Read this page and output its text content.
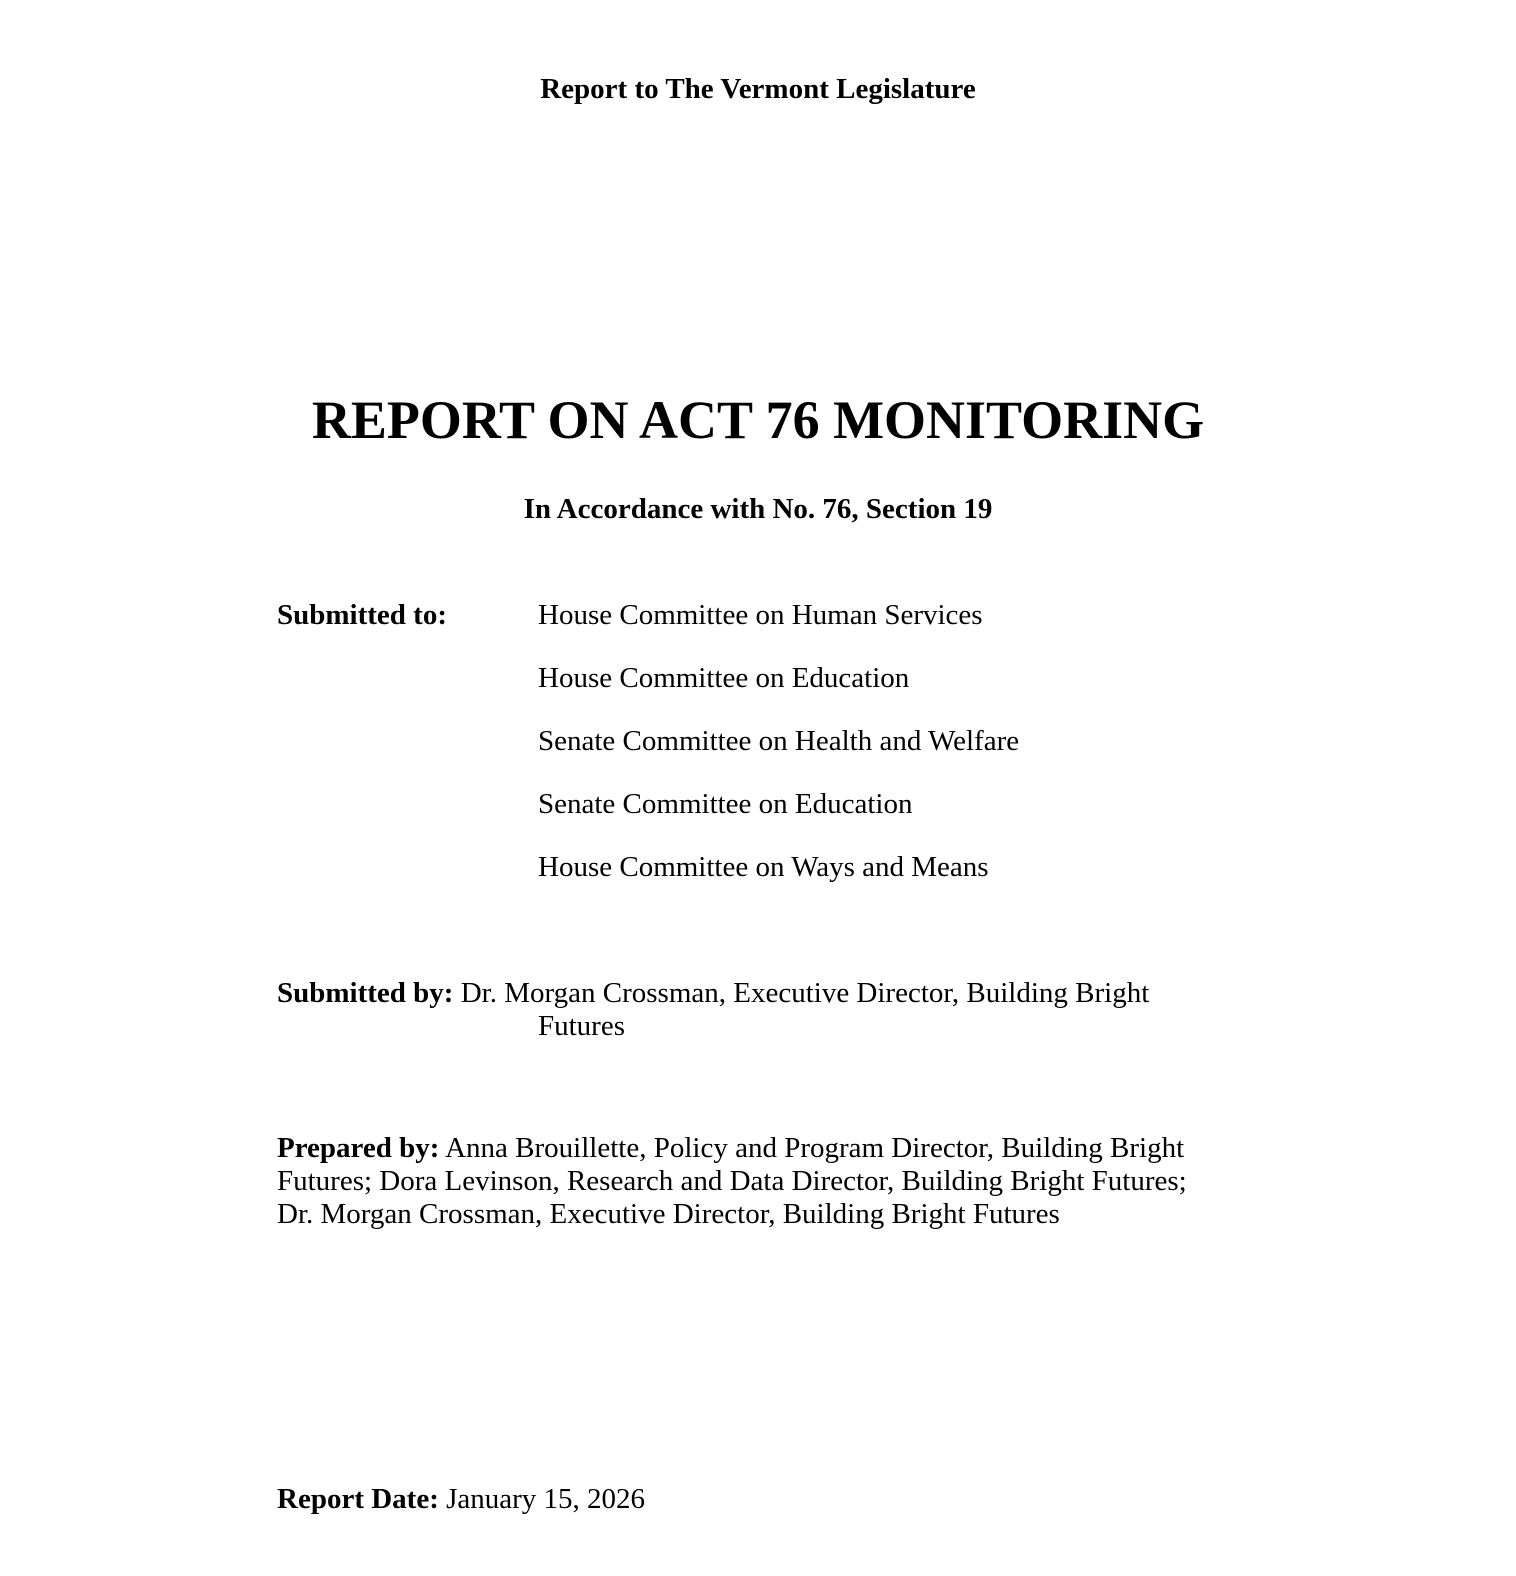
Report to The Vermont Legislature
REPORT ON ACT 76 MONITORING
In Accordance with No. 76, Section 19
Submitted to:	House Committee on Human Services
House Committee on Education
Senate Committee on Health and Welfare
Senate Committee on Education
House Committee on Ways and Means
Submitted by: Dr. Morgan Crossman, Executive Director, Building Bright Futures
Prepared by: Anna Brouillette, Policy and Program Director, Building Bright Futures; Dora Levinson, Research and Data Director, Building Bright Futures; Dr. Morgan Crossman, Executive Director, Building Bright Futures
Report Date: January 15, 2026
